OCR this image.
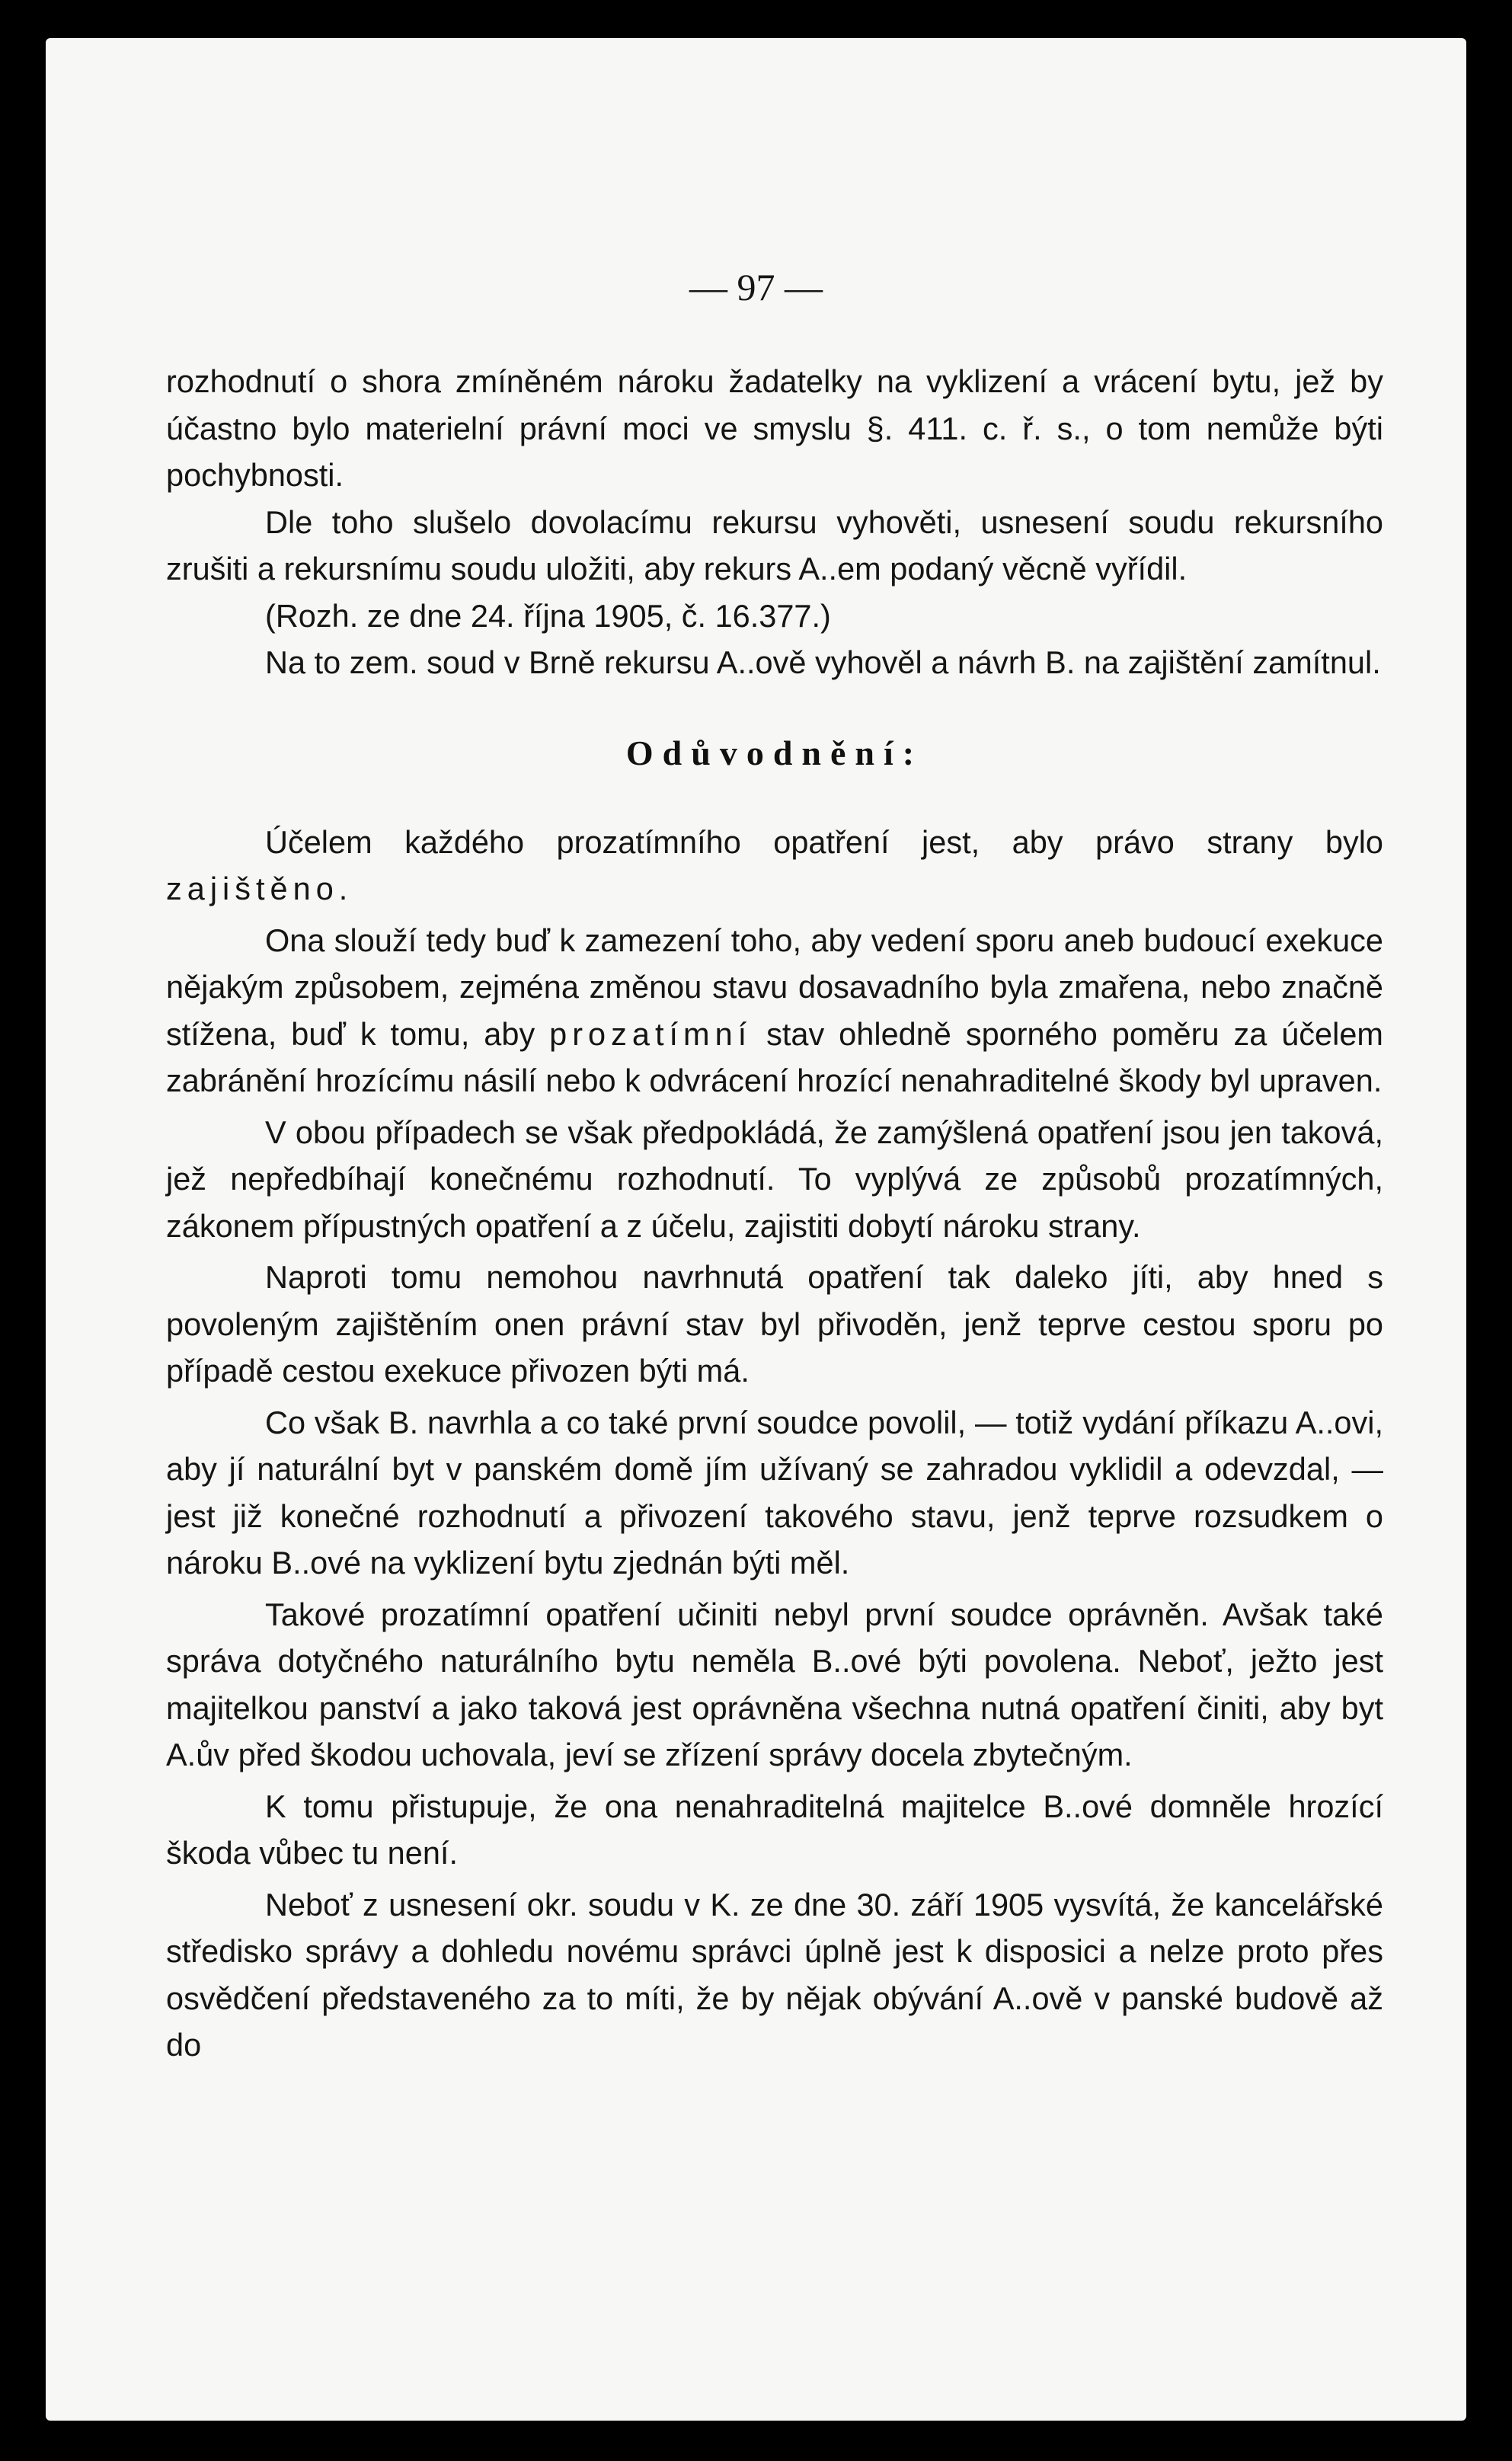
— 97 —

rozhodnutí o shora zmíněném nároku žadatelky na vyklizení a vrácení bytu, jež by účastno bylo materielní právní moci ve smyslu §. 411. c. ř. s., o tom nemůže býti pochybnosti.

Dle toho slušelo dovolacímu rekursu vyhověti, usnesení soudu rekursního zrušiti a rekursnímu soudu uložiti, aby rekurs A..em podaný věcně vyřídil.

(Rozh. ze dne 24. října 1905, č. 16.377.)

Na to zem. soud v Brně rekursu A..ově vyhověl a návrh B. na zajištění zamítnul.

Odůvodnění:

Účelem každého prozatímního opatření jest, aby právo strany bylo zajištěno.

Ona slouží tedy buď k zamezení toho, aby vedení sporu aneb budoucí exekuce nějakým způsobem, zejména změnou stavu dosavadního byla zmařena, nebo značně stížena, buď k tomu, aby prozatímní stav ohledně sporného poměru za účelem zabránění hrozícímu násilí nebo k odvrácení hrozící nenahraditelné škody byl upraven.

V obou případech se však předpokládá, že zamýšlená opatření jsou jen taková, jež nepředbíhají konečnému rozhodnutí. To vyplývá ze způsobů prozatímných, zákonem přípustných opatření a z účelu, zajistiti dobytí nároku strany.

Naproti tomu nemohou navrhnutá opatření tak daleko jíti, aby hned s povoleným zajištěním onen právní stav byl přivoděn, jenž teprve cestou sporu po případě cestou exekuce přivozen býti má.

Co však B. navrhla a co také první soudce povolil, — totiž vydání příkazu A..ovi, aby jí naturální byt v panském domě jím užívaný se zahradou vyklidil a odevzdal, — jest již konečné rozhodnutí a přivození takového stavu, jenž teprve rozsudkem o nároku B..ové na vyklizení bytu zjednán býti měl.

Takové prozatímní opatření učiniti nebyl první soudce oprávněn. Avšak také správa dotyčného naturálního bytu neměla B..ové býti povolena. Neboť, ježto jest majitelkou panství a jako taková jest oprávněna všechna nutná opatření činiti, aby byt A.ův před škodou uchovala, jeví se zřízení správy docela zbytečným.

K tomu přistupuje, že ona nenahraditelná majitelce B..ové domněle hrozící škoda vůbec tu není.

Neboť z usnesení okr. soudu v K. ze dne 30. září 1905 vysvítá, že kancelářské středisko správy a dohledu novému správci úplně jest k disposici a nelze proto přes osvědčení představeného za to míti, že by nějak obývání A..ově v panské budově až do
